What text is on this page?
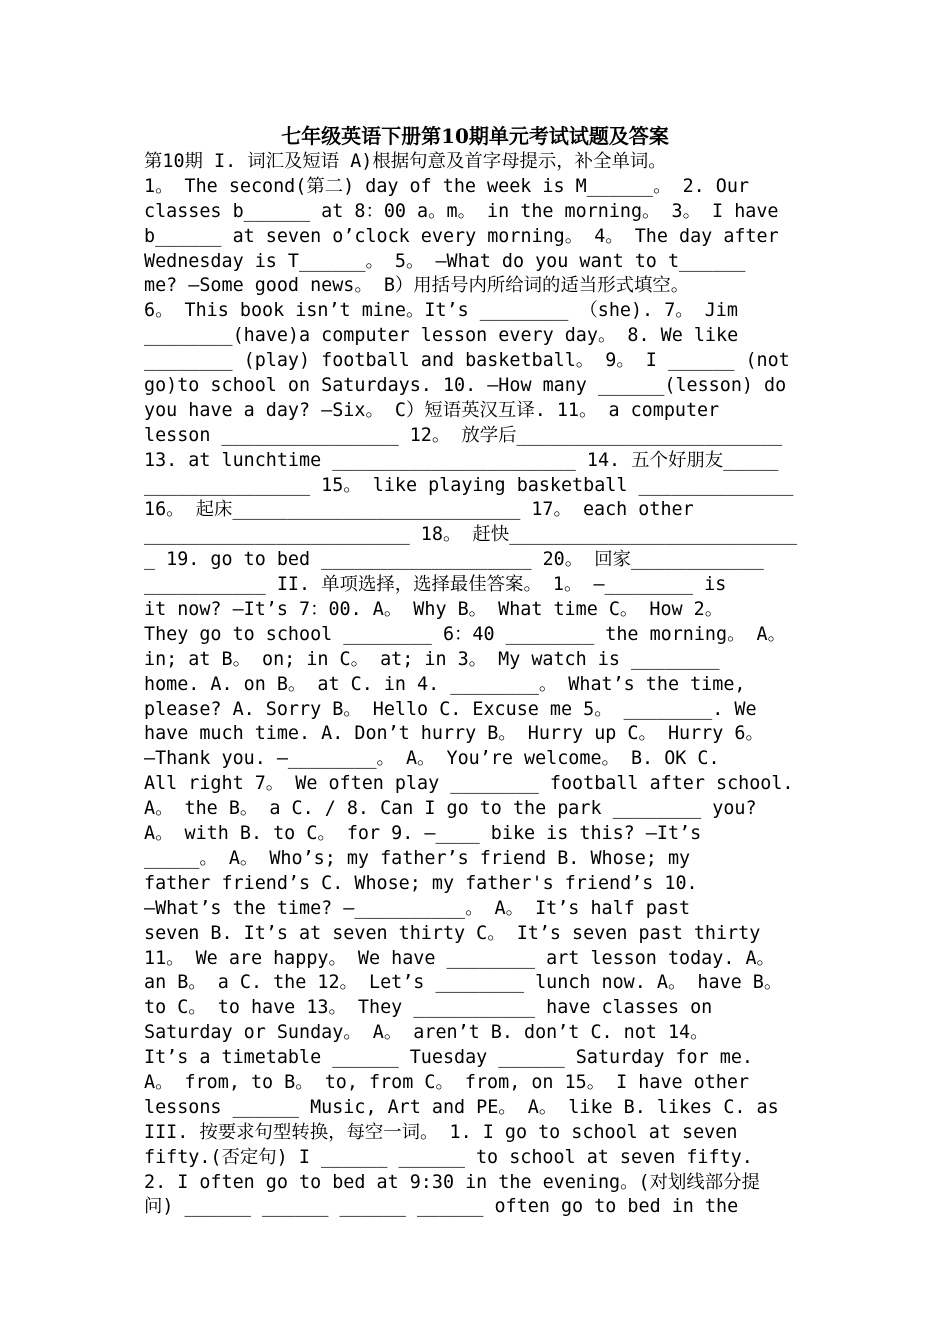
七年级英语下册第10期单元考试试题及答案
第10期 I. 词汇及短语 A)根据句意及首字母提示，补全单词。
1。 The second(第二) day of the week is M______。 2. Our
classes b______ at 8：00 a。m。 in the morning。 3。 I have
b______ at seven o’clock every morning。 4。 The day after
Wednesday is T______。 5。 —What do you want to t______
me? —Some good news。 B）用括号内所给词的适当形式填空。
6。 This book isn’t mine。It’s ________ （she). 7。 Jim
________(have)a computer lesson every day。 8. We like
________ (play) football and basketball。 9。 I ______ (not
go)to school on Saturdays. 10. —How many ______(lesson) do
you have a day? —Six。 C）短语英汉互译. 11。 a computer
lesson ________________ 12。 放学后________________________
13. at lunchtime ______________________ 14. 五个好朋友_____
_______________ 15。 like playing basketball ______________
16。 起床__________________________ 17。 each other
________________________ 18。 赶快__________________________
_ 19. go to bed ___________________ 20。 回家____________
___________ II. 单项选择，选择最佳答案。 1。 —________ is
it now? —It’s 7：00. A。 Why B。 What time C。 How 2。
They go to school ________ 6：40 ________ the morning。 A。
in; at B。 on; in C。 at; in 3。 My watch is ________
home. A. on B。 at C. in 4. ________。 What’s the time,
please? A. Sorry B。 Hello C. Excuse me 5。 ________. We
have much time. A. Don’t hurry B。 Hurry up C。 Hurry 6。
—Thank you. —________。 A。 You’re welcome。 B. OK C.
All right 7。 We often play ________ football after school.
A。 the B。 a C. / 8. Can I go to the park ________ you?
A。 with B. to C。 for 9. —____ bike is this? —It’s
_____。 A。 Who’s; my father’s friend B. Whose; my
father friend’s C. Whose; my father's friend’s 10.
—What’s the time? —__________。 A。 It’s half past
seven B. It’s at seven thirty C。 It’s seven past thirty
11。 We are happy。 We have ________ art lesson today. A。
an B。 a C. the 12。 Let’s ________ lunch now. A。 have B。
to C。 to have 13。 They ___________ have classes on
Saturday or Sunday。 A。 aren’t B. don’t C. not 14。
It’s a timetable ______ Tuesday ______ Saturday for me.
A。 from, to B。 to, from C。 from, on 15。 I have other
lessons ______ Music, Art and PE。 A。 like B. likes C. as
III. 按要求句型转换，每空一词。 1. I go to school at seven
fifty.(否定句) I ______ ______ to school at seven fifty.
2. I often go to bed at 9:30 in the evening。(对划线部分提
问) ______ ______ ______ ______ often go to bed in the
